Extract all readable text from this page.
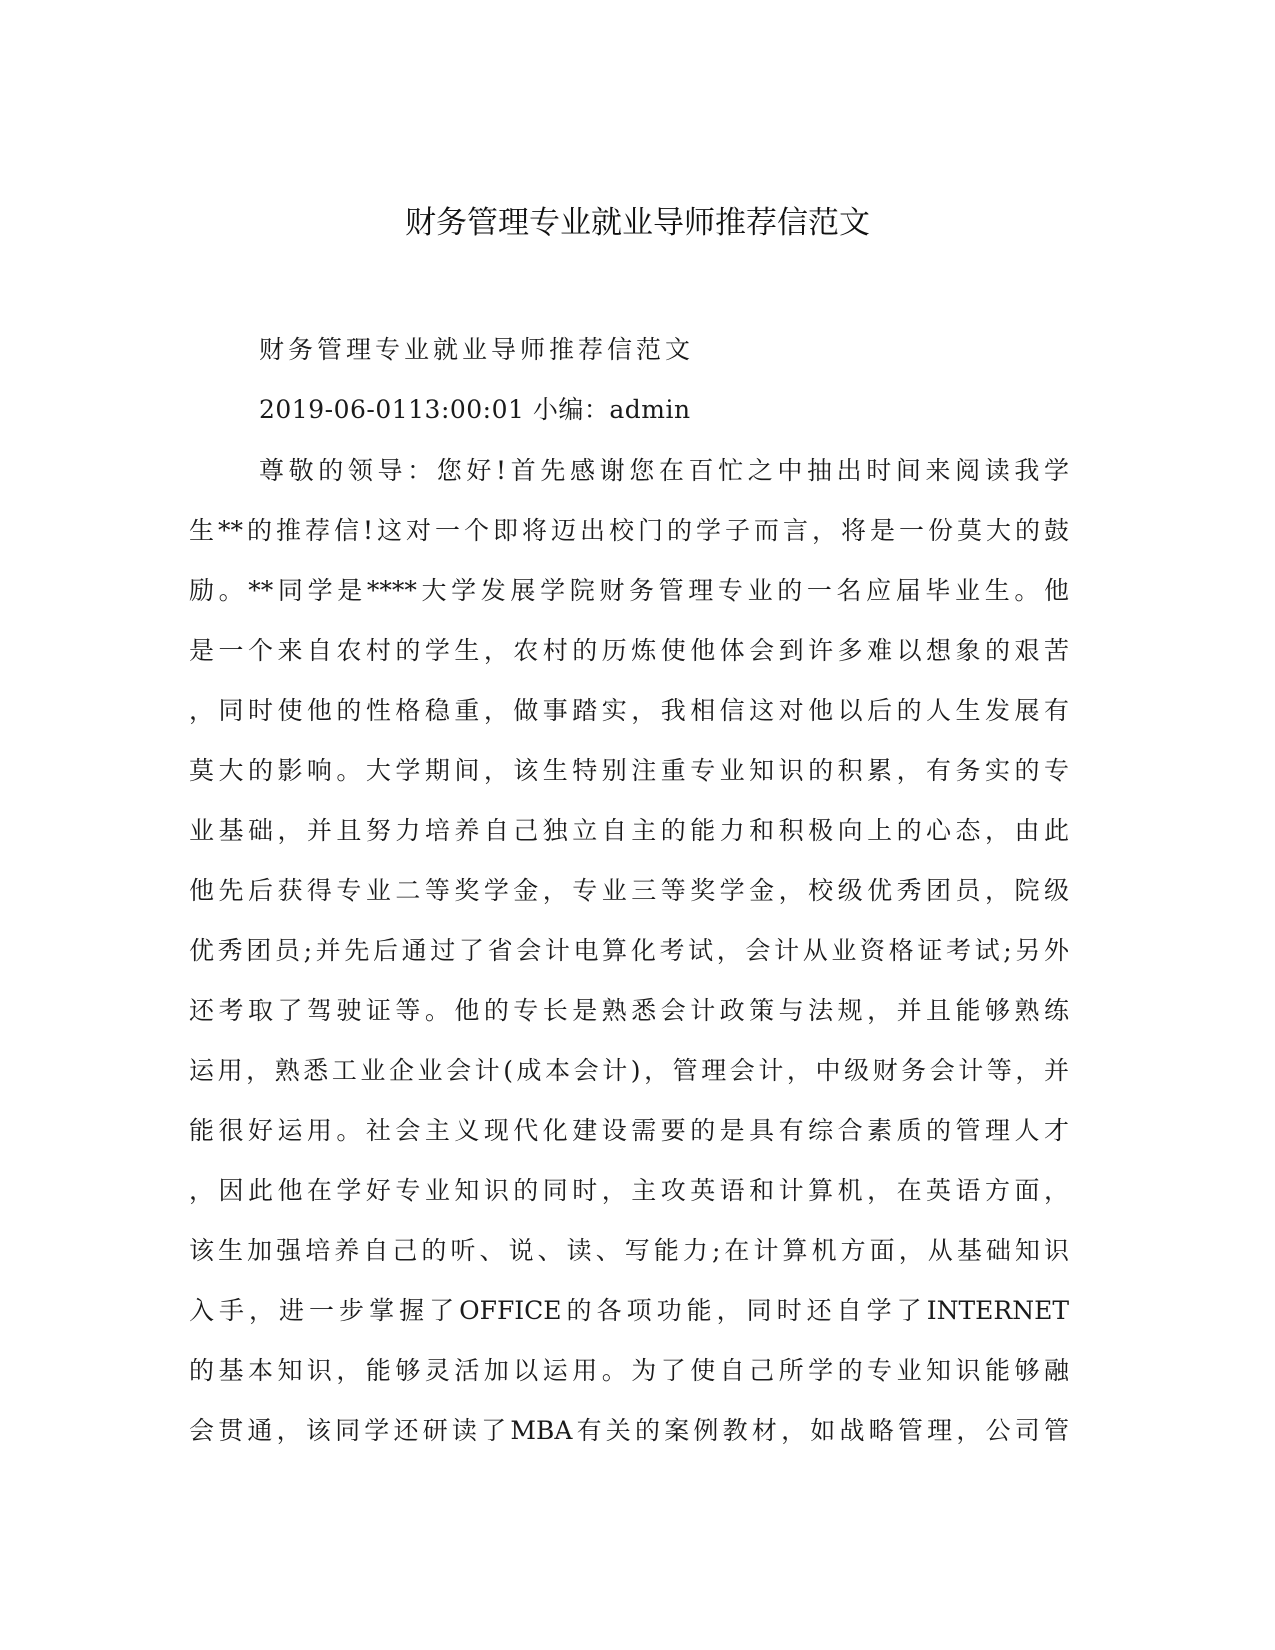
财务管理专业就业导师推荐信范文
财务管理专业就业导师推荐信范文
2019-06-0113:00:01 小编：admin
尊敬的领导：您好!首先感谢您在百忙之中抽出时间来阅读我学
生**的推荐信!这对一个即将迈出校门的学子而言，将是一份莫大的鼓
励。**同学是****大学发展学院财务管理专业的一名应届毕业生。他
是一个来自农村的学生，农村的历炼使他体会到许多难以想象的艰苦
，同时使他的性格稳重，做事踏实，我相信这对他以后的人生发展有
莫大的影响。大学期间，该生特别注重专业知识的积累，有务实的专
业基础，并且努力培养自己独立自主的能力和积极向上的心态，由此
他先后获得专业二等奖学金，专业三等奖学金，校级优秀团员，院级
优秀团员;并先后通过了省会计电算化考试，会计从业资格证考试;另外
还考取了驾驶证等。他的专长是熟悉会计政策与法规，并且能够熟练
运用，熟悉工业企业会计(成本会计)，管理会计，中级财务会计等，并
能很好运用。社会主义现代化建设需要的是具有综合素质的管理人才
，因此他在学好专业知识的同时，主攻英语和计算机，在英语方面，
该生加强培养自己的听、说、读、写能力;在计算机方面，从基础知识
入手，进一步掌握了OFFICE的各项功能，同时还自学了INTERNET
的基本知识，能够灵活加以运用。为了使自己所学的专业知识能够融
会贯通，该同学还研读了MBA有关的案例教材，如战略管理，公司管
